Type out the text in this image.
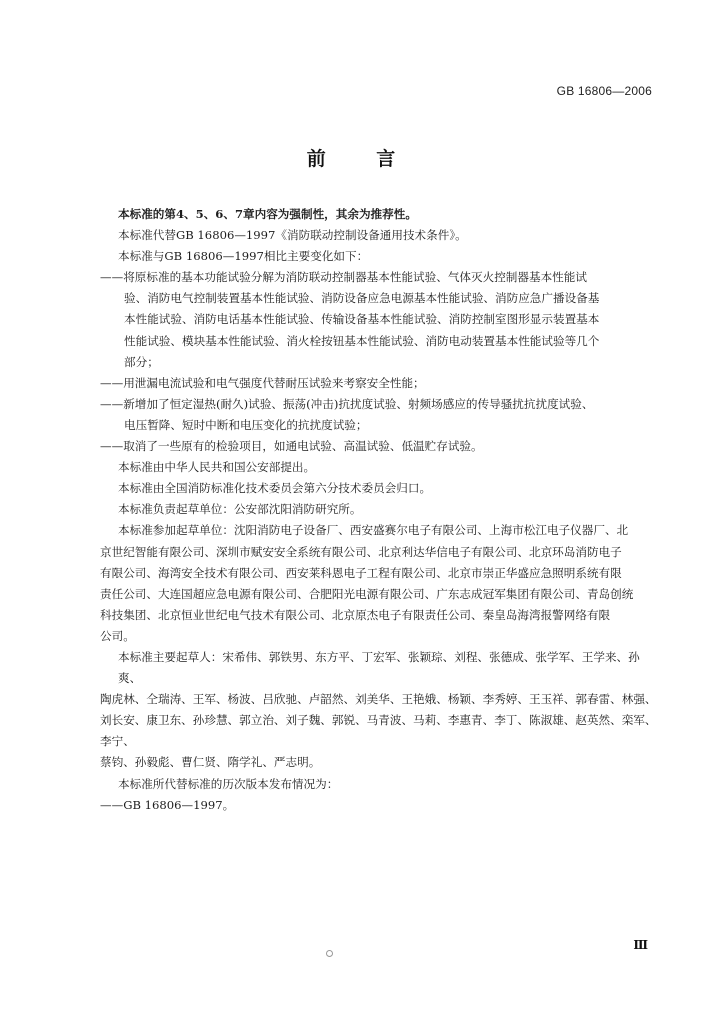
GB 16806—2006
前 言

本标准的第4、5、6、7章内容为强制性，其余为推荐性。

本标准代替GB 16806—1997《消防联动控制设备通用技术条件》。

本标准与GB 16806—1997相比主要变化如下：

——将原标准的基本功能试验分解为消防联动控制器基本性能试验、气体灭火控制器基本性能试
验、消防电气控制装置基本性能试验、消防设备应急电源基本性能试验、消防应急广播设备基
本性能试验、消防电话基本性能试验、传输设备基本性能试验、消防控制室图形显示装置基本
性能试验、模块基本性能试验、消火栓按钮基本性能试验、消防电动装置基本性能试验等几个
部分；
——用泄漏电流试验和电气强度代替耐压试验来考察安全性能；
——新增加了恒定湿热(耐久)试验、振荡(冲击)抗扰度试验、射频场感应的传导骚扰抗扰度试验、
电压暂降、短时中断和电压变化的抗扰度试验；
——取消了一些原有的检验项目，如通电试验、高温试验、低温贮存试验。

本标准由中华人民共和国公安部提出。

本标准由全国消防标准化技术委员会第六分技术委员会归口。

本标准负责起草单位：公安部沈阳消防研究所。

本标准参加起草单位：沈阳消防电子设备厂、西安盛赛尔电子有限公司、上海市松江电子仪器厂、北
京世纪智能有限公司、深圳市赋安安全系统有限公司、北京利达华信电子有限公司、北京环岛消防电子
有限公司、海湾安全技术有限公司、西安莱科恩电子工程有限公司、北京市崇正华盛应急照明系统有限
责任公司、大连国超应急电源有限公司、合肥阳光电源有限公司、广东志成冠军集团有限公司、青岛创统
科技集团、北京恒业世纪电气技术有限公司、北京原杰电子有限责任公司、秦皇岛海湾报警网络有限
公司。
本标准主要起草人：宋希伟、郭铁男、东方平、丁宏军、张颖琮、刘程、张德成、张学军、王学来、孙爽、
陶虎林、仝瑞涛、王军、杨波、吕欣驰、卢韶然、刘美华、王艳娥、杨颖、李秀婷、王玉祥、郭春雷、林强、
刘长安、康卫东、孙珍慧、郭立治、刘子魏、郭锐、马青波、马莉、李惠青、李丁、陈淑雄、赵英然、栾军、李宁、
蔡钧、孙毅彪、曹仁贤、隋学礼、严志明。

本标准所代替标准的历次版本发布情况为：

——GB 16806—1997。

Ⅲ
